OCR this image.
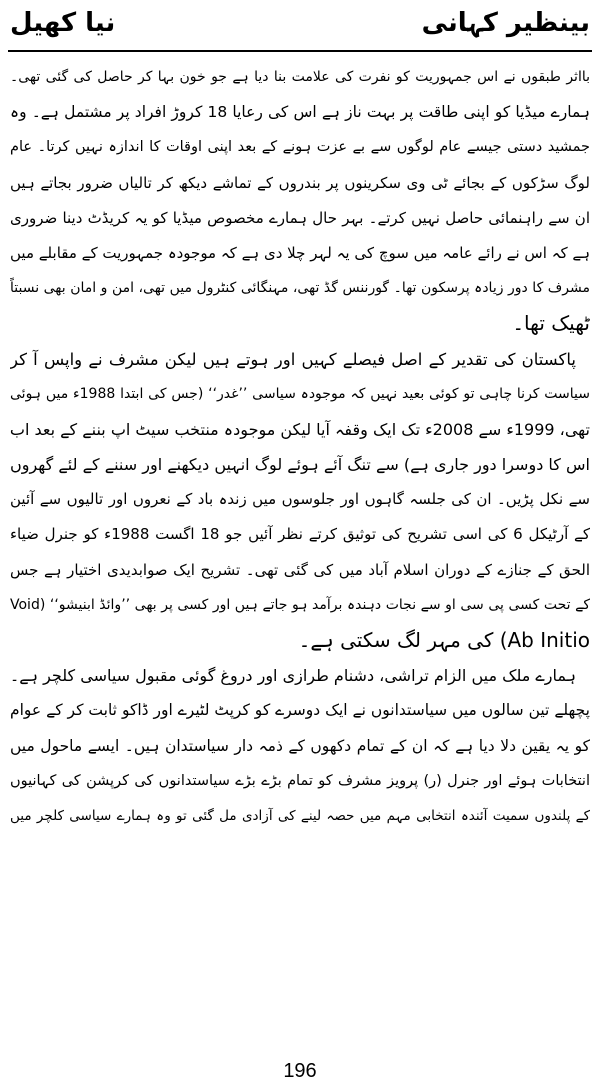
بینظیر کہانی
نیا کھیل
بااثر طبقوں نے اس جمہوریت کو نفرت کی علامت بنا دیا ہے جو خون بہا کر حاصل کی گئی تھی۔
ہمارے میڈیا کو اپنی طاقت پر بہت ناز ہے اس کی رعایا 18 کروڑ افراد پر مشتمل ہے۔ وہ
جمشید دستی جیسے عام لوگوں سے بے عزت ہونے کے بعد اپنی اوقات کا اندازہ نہیں کرتا۔ عام
لوگ سڑکوں کے بجائے ٹی وی سکرینوں پر بندروں کے تماشے دیکھ کر تالیاں ضرور بجاتے ہیں
ان سے راہنمائی حاصل نہیں کرتے۔ بہر حال ہمارے مخصوص میڈیا کو یہ کریڈٹ دینا ضروری
ہے کہ اس نے رائے عامہ میں سوچ کی یہ لہر چلا دی ہے کہ موجودہ جمہوریت کے مقابلے میں
مشرف کا دور زیادہ پرسکون تھا۔ گورننس گڈ تھی، مہنگائی کنٹرول میں تھی، امن و امان بھی نسبتاً
ٹھیک تھا۔
پاکستان کی تقدیر کے اصل فیصلے کہیں اور ہوتے ہیں لیکن مشرف نے واپس آ کر
سیاست کرنا چاہی تو کوئی بعید نہیں کہ موجودہ سیاسی ’’غدر‘‘ (جس کی ابتدا 1988ء میں ہوئی
تھی، 1999ء سے 2008ء تک ایک وقفہ آیا لیکن موجودہ منتخب سیٹ اپ بننے کے بعد اب
اس کا دوسرا دور جاری ہے) سے تنگ آئے ہوئے لوگ انہیں دیکھنے اور سننے کے لئے گھروں
سے نکل پڑیں۔ ان کی جلسہ گاہوں اور جلوسوں میں زندہ باد کے نعروں اور تالیوں سے آئین
کے آرٹیکل 6 کی اسی تشریح کی توثیق کرتے نظر آئیں جو 18 اگست 1988ء کو جنرل ضیاء
الحق کے جنازے کے دوران اسلام آباد میں کی گئی تھی۔ تشریح ایک صوابدیدی اختیار ہے جس
کے تحت کسی پی سی او سے نجات دہندہ برآمد ہو جاتے ہیں اور کسی پر بھی ’’وائڈ ابنیشو‘‘ (Void
Ab Initio) کی مہر لگ سکتی ہے۔
ہمارے ملک میں الزام تراشی، دشنام طرازی اور دروغ گوئی مقبول سیاسی کلچر ہے۔
پچھلے تین سالوں میں سیاستدانوں نے ایک دوسرے کو کرپٹ لٹیرے اور ڈاکو ثابت کر کے عوام
کو یہ یقین دلا دیا ہے کہ ان کے تمام دکھوں کے ذمہ دار سیاستدان ہیں۔ ایسے ماحول میں
انتخابات ہوئے اور جنرل (ر) پرویز مشرف کو تمام بڑے بڑے سیاستدانوں کی کرپشن کی کہانیوں
کے پلندوں سمیت آئندہ انتخابی مہم میں حصہ لینے کی آزادی مل گئی تو وہ ہمارے سیاسی کلچر میں
196
